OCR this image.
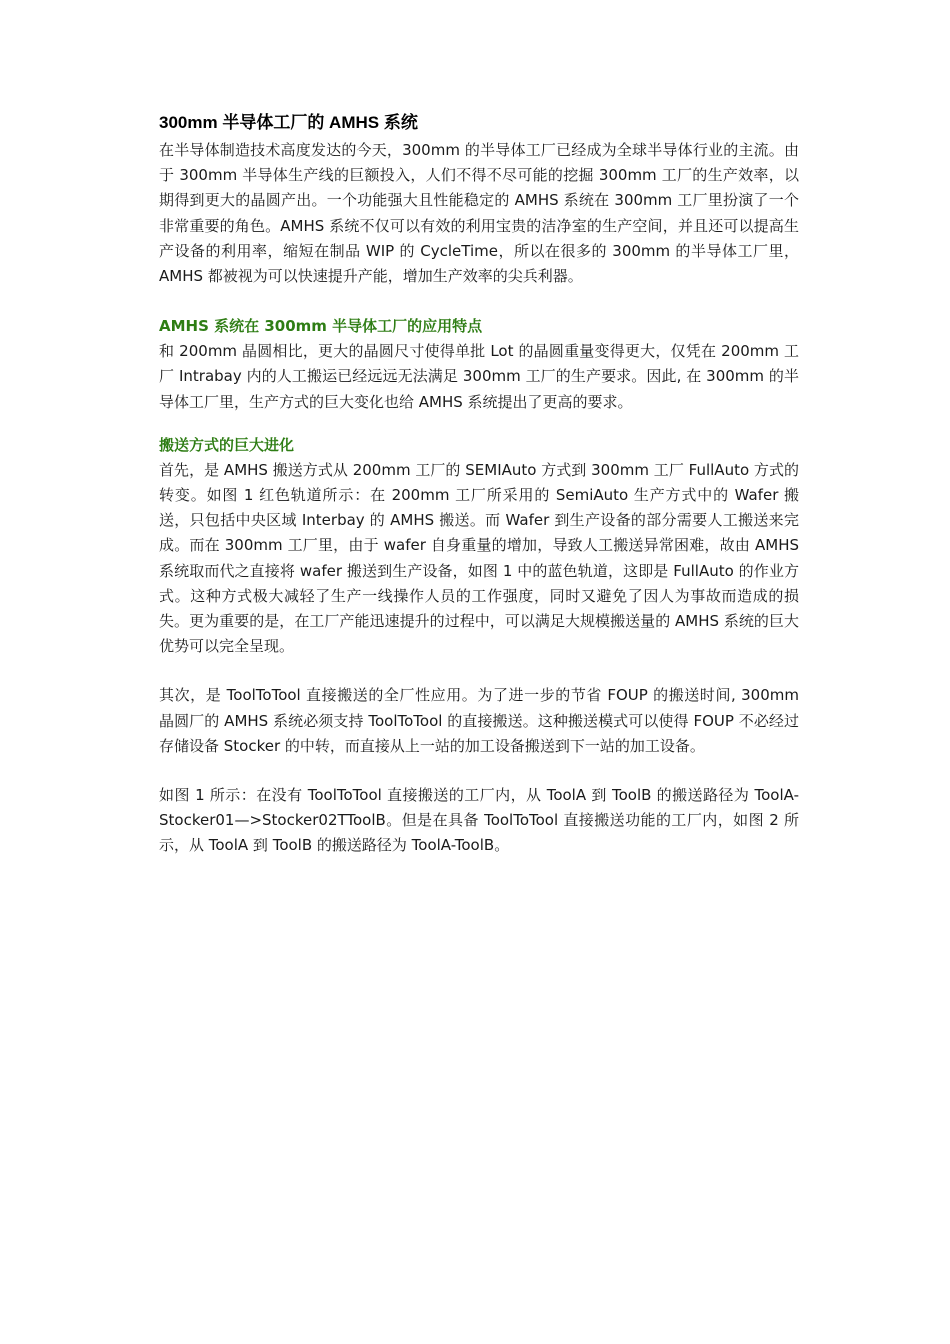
300mm 半导体工厂的 AMHS 系统

在半导体制造技术高度发达的今天，300mm 的半导体工厂已经成为全球半导体行业的主流。由于 300mm 半导体生产线的巨额投入，人们不得不尽可能的挖掘 300mm 工厂的生产效率，以期得到更大的晶圆产出。一个功能强大且性能稳定的 AMHS 系统在 300mm 工厂里扮演了一个非常重要的角色。AMHS 系统不仅可以有效的利用宝贵的洁净室的生产空间，并且还可以提高生产设备的利用率，缩短在制品 WIP 的 CycleTime，所以在很多的 300mm 的半导体工厂里，AMHS 都被视为可以快速提升产能，增加生产效率的尖兵利器。

AMHS 系统在 300mm 半导体工厂的应用特点

和 200mm 晶圆相比，更大的晶圆尺寸使得单批 Lot 的晶圆重量变得更大，仅凭在 200mm 工厂 Intrabay 内的人工搬运已经远远无法满足 300mm 工厂的生产要求。因此, 在 300mm 的半导体工厂里，生产方式的巨大变化也给 AMHS 系统提出了更高的要求。

搬送方式的巨大进化

首先，是 AMHS 搬送方式从 200mm 工厂的 SEMIAuto 方式到 300mm 工厂 FullAuto 方式的转变。如图 1 红色轨道所示：在 200mm 工厂所采用的 SemiAuto 生产方式中的 Wafer 搬送，只包括中央区域 Interbay 的 AMHS 搬送。而 Wafer 到生产设备的部分需要人工搬送来完成。而在 300mm 工厂里，由于 wafer 自身重量的增加，导致人工搬送异常困难，故由 AMHS 系统取而代之直接将 wafer 搬送到生产设备，如图 1 中的蓝色轨道，这即是 FullAuto 的作业方式。这种方式极大减轻了生产一线操作人员的工作强度，同时又避免了因人为事故而造成的损失。更为重要的是，在工厂产能迅速提升的过程中，可以满足大规模搬送量的 AMHS 系统的巨大优势可以完全呈现。

其次，是 ToolToTool 直接搬送的全厂性应用。为了进一步的节省 FOUP 的搬送时间, 300mm 晶圆厂的 AMHS 系统必须支持 ToolToTool 的直接搬送。这种搬送模式可以使得 FOUP 不必经过存储设备 Stocker 的中转，而直接从上一站的加工设备搬送到下一站的加工设备。

如图 1 所示：在没有 ToolToTool 直接搬送的工厂内，从 ToolA 到 ToolB 的搬送路径为 ToolA-Stocker01—>Stocker02TToolB。但是在具备 ToolToTool 直接搬送功能的工厂内，如图 2 所示，从 ToolA 到 ToolB 的搬送路径为 ToolA-ToolB。
